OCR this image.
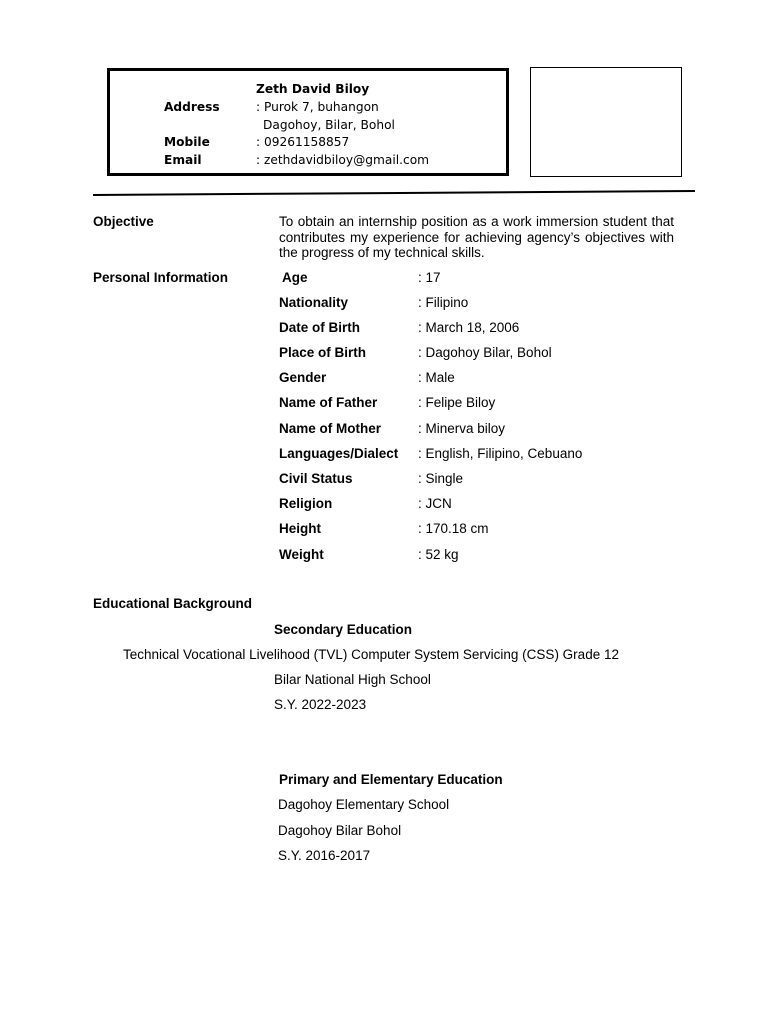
Zeth David Biloy
Address	: Purok 7, buhangon
Dagohoy, Bilar, Bohol
Mobile	: 09261158857
Email	: zethdavidbiloy@gmail.com
Objective	To obtain an internship position as a work immersion student that contributes my experience for achieving agency’s objectives with the progress of my technical skills.
Personal Information	Age	: 17
Nationality	: Filipino
Date of Birth	: March 18, 2006
Place of Birth	: Dagohoy Bilar, Bohol
Gender	: Male
Name of Father	: Felipe Biloy
Name of Mother	: Minerva biloy
Languages/Dialect : English, Filipino, Cebuano
Civil Status	: Single
Religion	: JCN
Height	: 170.18 cm
Weight	: 52 kg
Educational Background
Secondary Education
Technical Vocational Livelihood (TVL) Computer System Servicing (CSS) Grade 12
Bilar National High School
S.Y. 2022-2023
Primary and Elementary Education
Dagohoy Elementary School
Dagohoy Bilar Bohol
S.Y. 2016-2017
